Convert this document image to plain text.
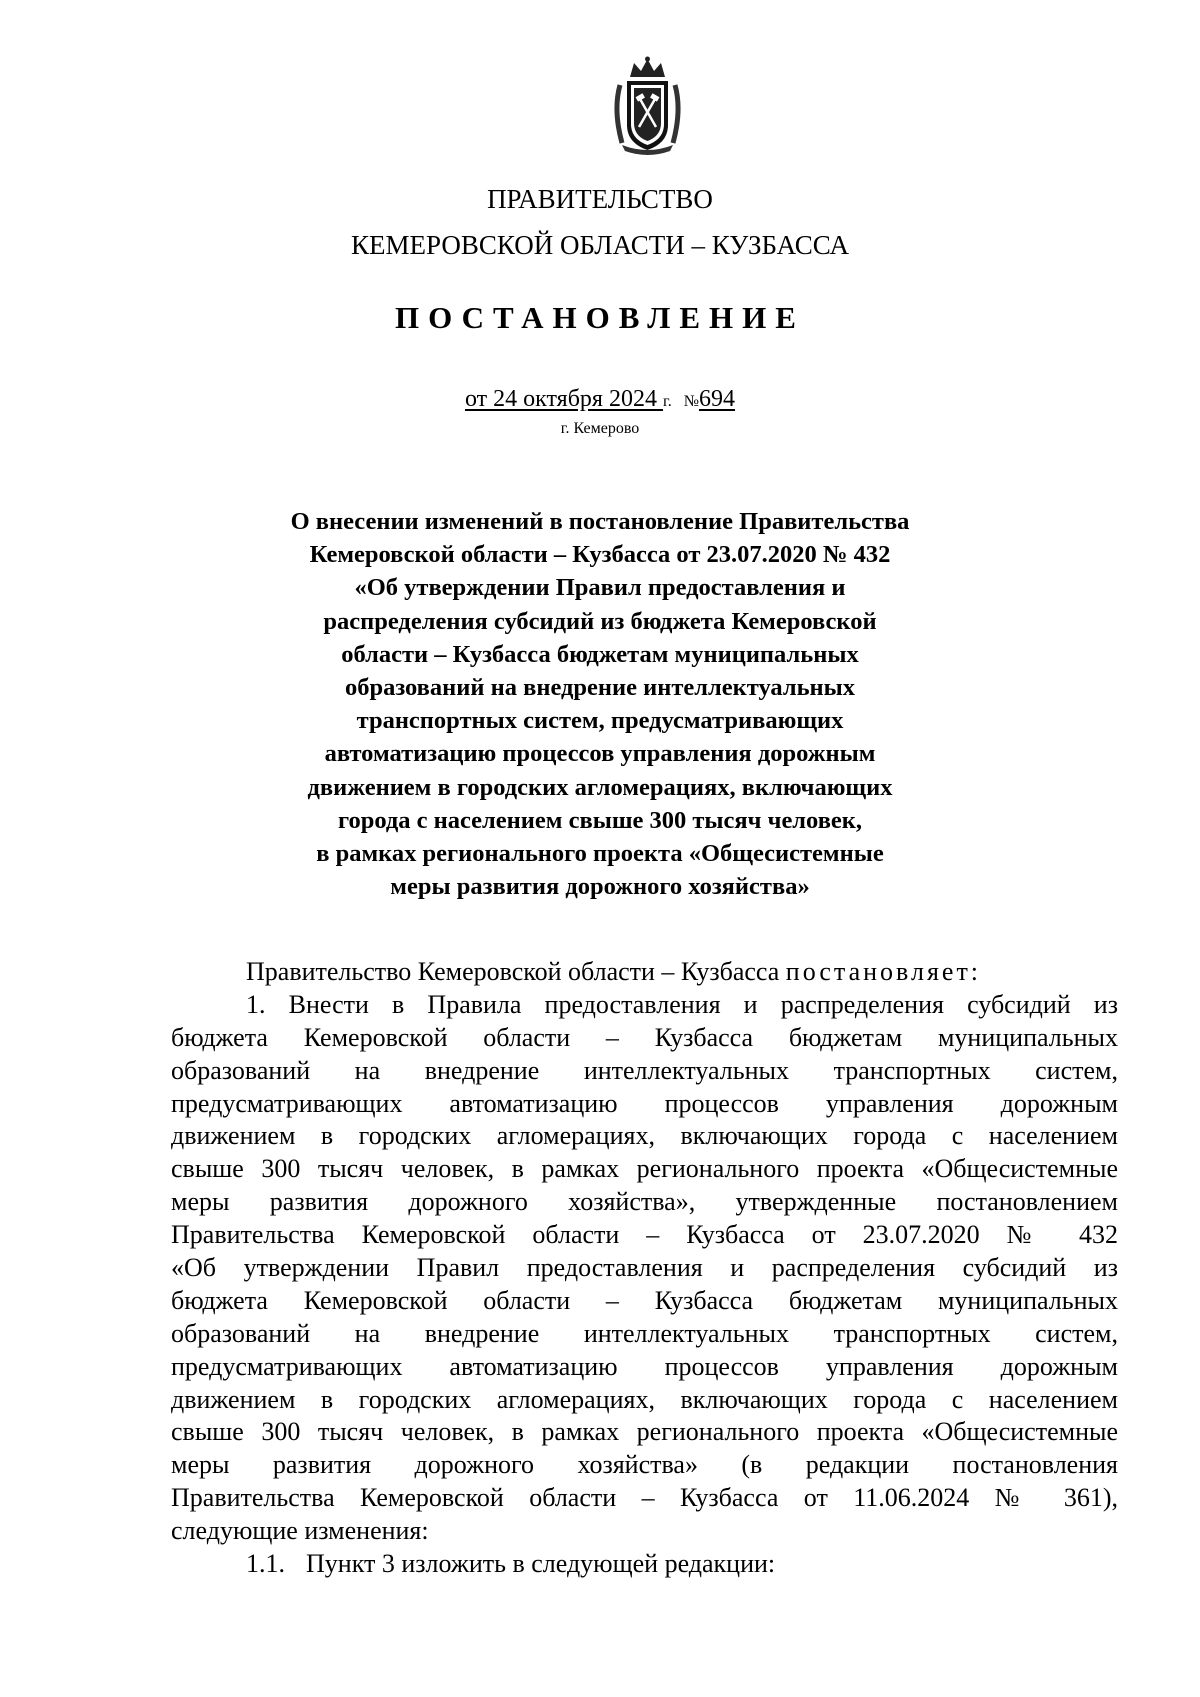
ПРАВИТЕЛЬСТВО
КЕМЕРОВСКОЙ ОБЛАСТИ – КУЗБАССА
ПОСТАНОВЛЕНИЕ
от 24 октября 2024 г. №694
г. Кемерово
О внесении изменений в постановление Правительства
Кемеровской области – Кузбасса от 23.07.2020 № 432
«Об утверждении Правил предоставления и
распределения субсидий из бюджета Кемеровской
области – Кузбасса бюджетам муниципальных
образований на внедрение интеллектуальных
транспортных систем, предусматривающих
автоматизацию процессов управления дорожным
движением в городских агломерациях, включающих
города с населением свыше 300 тысяч человек,
в рамках регионального проекта «Общесистемные
меры развития дорожного хозяйства»
Правительство Кемеровской области – Кузбасса постановляет:
1. Внести в Правила предоставления и распределения субсидий из
бюджета Кемеровской области – Кузбасса бюджетам муниципальных
образований на внедрение интеллектуальных транспортных систем,
предусматривающих автоматизацию процессов управления дорожным
движением в городских агломерациях, включающих города с населением
свыше 300 тысяч человек, в рамках регионального проекта «Общесистемные
меры развития дорожного хозяйства», утвержденные постановлением
Правительства Кемеровской области – Кузбасса от 23.07.2020 № 432
«Об утверждении Правил предоставления и распределения субсидий из
бюджета Кемеровской области – Кузбасса бюджетам муниципальных
образований на внедрение интеллектуальных транспортных систем,
предусматривающих автоматизацию процессов управления дорожным
движением в городских агломерациях, включающих города с населением
свыше 300 тысяч человек, в рамках регионального проекта «Общесистемные
меры развития дорожного хозяйства» (в редакции постановления
Правительства Кемеровской области – Кузбасса от 11.06.2024 № 361),
следующие изменения:
1.1. Пункт 3 изложить в следующей редакции:
